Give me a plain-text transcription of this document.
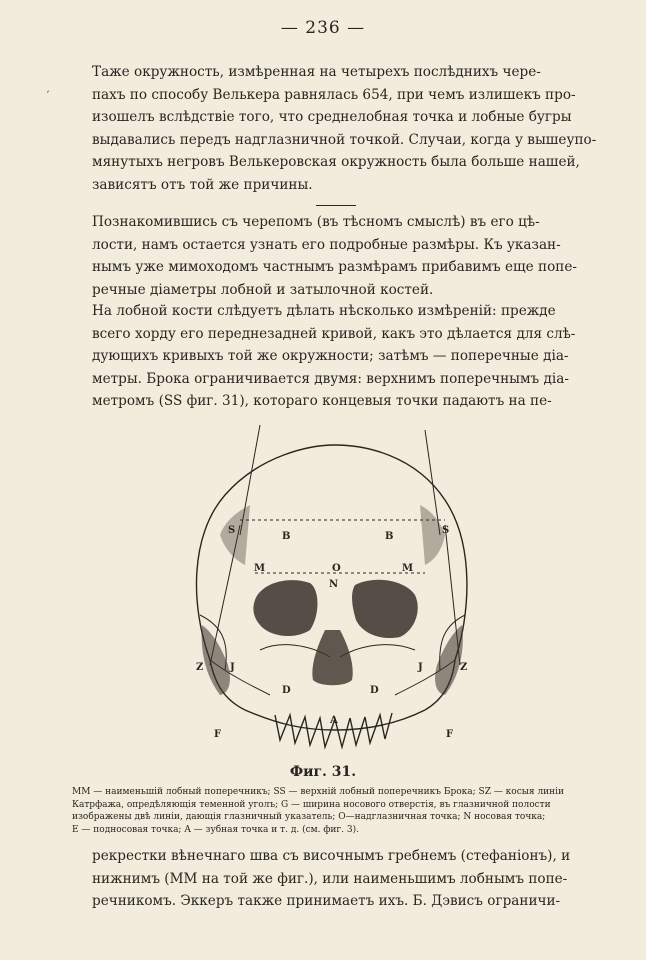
— 236 —
ʼ
Таже окружность, измѣренная на четырехъ послѣднихъ чере-
пахъ по способу Велькера равнялась 654, при чемъ излишекъ про-
изошелъ вслѣдствіе того, что среднелобная точка и лобные бугры
выдавались передъ надглазничной точкой. Случаи, когда у вышеупо-
мянутыхъ негровъ Велькеровская окружность была больше нашей,
зависятъ отъ той же причины.
Познакомившись съ черепомъ (въ тѣсномъ смыслѣ) въ его цѣ-
лости, намъ остается узнать его подробные размѣры. Къ указан-
нымъ уже мимоходомъ частнымъ размѣрамъ прибавимъ еще попе-
речные діаметры лобной и затылочной костей.
На лобной кости слѣдуетъ дѣлать нѣсколько измѣреній: прежде
всего хорду его переднезадней кривой, какъ это дѣлается для слѣ-
дующихъ кривыхъ той же окружности; затѣмъ — поперечные діа-
метры. Брока ограничивается двумя: верхнимъ поперечнымъ діа-
метромъ (SS фиг. 31), котораго концевыя точки падаютъ на пе-
S	S
B	B
M	O	M
N
Z	Z
J	J
D	D
A
F	F
Фиг. 31.
MM — наименьшій лобный поперечникъ; SS — верхній лобный поперечникъ Брока; SZ — косыя линіи
Катрфажа, опредѣляющія теменной уголъ; G — ширина носового отверстія, въ глазничной полости
изображены двѣ линіи, дающія глазничный указатель; O—надглазничная точка; N носовая точка;
E — подносовая точка; A — зубная точка и т. д. (см. фиг. 3).
рекрестки вѣнечнаго шва съ височнымъ гребнемъ (стефаніонъ), и
нижнимъ (MM на той же фиг.), или наименьшимъ лобнымъ попе-
речникомъ. Эккеръ также принимаетъ ихъ. Б. Дэвисъ ограничи-
